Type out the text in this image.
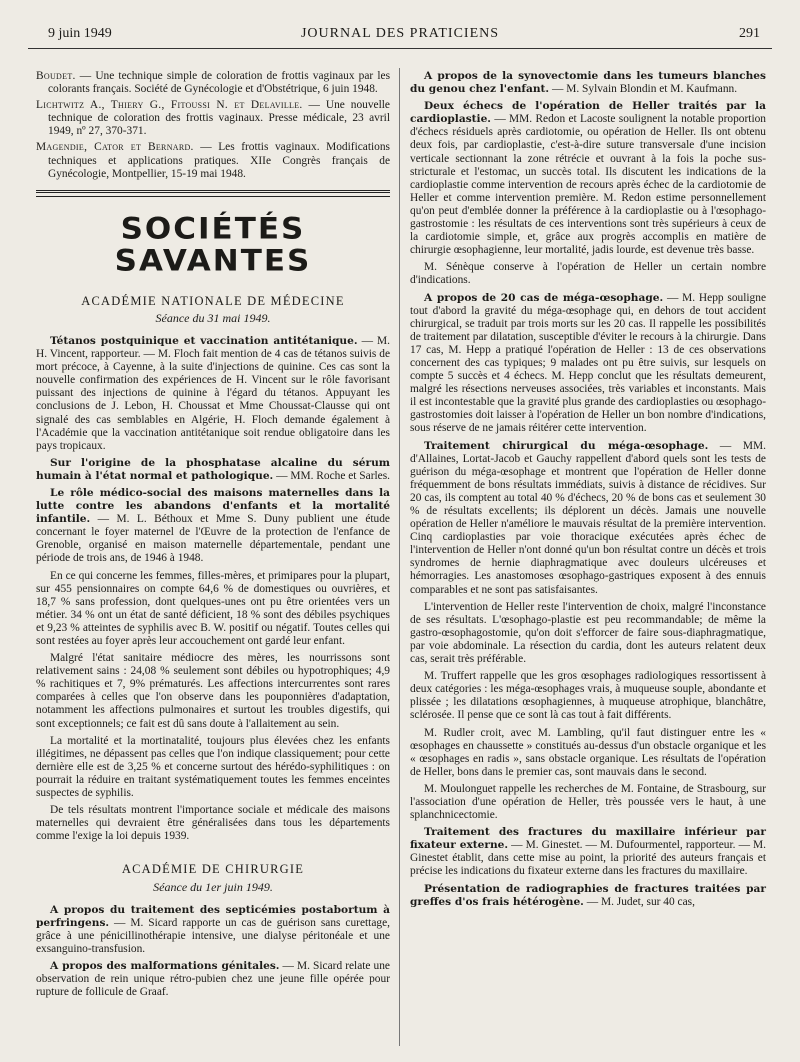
9 juin 1949	JOURNAL DES PRATICIENS	291

Boudet. — Une technique simple de coloration de frottis vaginaux par les colorants français. Société de Gynécologie et d'Obstétrique, 6 juin 1948.

Lichtwitz A., Thiery G., Fitoussi N. et Delaville. — Une nouvelle technique de coloration des frottis vaginaux. Presse médicale, 23 avril 1949, nº 27, 370-371.

Magendie, Cator et Bernard. — Les frottis vaginaux. Modifications techniques et applications pratiques. XIIe Congrès français de Gynécologie, Montpellier, 15-19 mai 1948.

SOCIÉTÉS SAVANTES
ACADÉMIE NATIONALE DE MÉDECINE
Séance du 31 mai 1949.

Tétanos postquinique et vaccination antitétanique. — M. H. Vincent, rapporteur. — M. Floch fait mention de 4 cas de tétanos suivis de mort précoce, à Cayenne, à la suite d'injections de quinine. Ces cas sont la nouvelle confirmation des expériences de H. Vincent sur le rôle favorisant puissant des injections de quinine à l'égard du tétanos. Appuyant les conclusions de J. Lebon, H. Choussat et Mme Choussat-Clausse qui ont signalé des cas semblables en Algérie, H. Floch demande également à l'Académie que la vaccination antitétanique soit rendue obligatoire dans les pays tropicaux.

Sur l'origine de la phosphatase alcaline du sérum humain à l'état normal et pathologique. — MM. Roche et Sarles.

Le rôle médico-social des maisons maternelles dans la lutte contre les abandons d'enfants et la mortalité infantile. — M. L. Béthoux et Mme S. Duny publient une étude concernant le foyer maternel de l'Œuvre de la protection de l'enfance de Grenoble, organisé en maison maternelle départementale, pendant une période de trois ans, de 1946 à 1948.

En ce qui concerne les femmes, filles-mères, et primipares pour la plupart, sur 455 pensionnaires on compte 64,6 % de domestiques ou ouvrières, et 18,7 % sans profession, dont quelques-unes ont pu être orientées vers un métier. 34 % ont un état de santé déficient, 18 % sont des débiles psychiques et 9,23 % atteintes de syphilis avec B. W. positif ou négatif. Toutes celles qui sont restées au foyer après leur accouchement ont gardé leur enfant.

Malgré l'état sanitaire médiocre des mères, les nourrissons sont relativement sains : 24,08 % seulement sont débiles ou hypotrophiques; 4,9 % rachitiques et 7, 9% prématurés. Les affections intercurrentes sont rares comparées à celles que l'on observe dans les pouponnières d'adaptation, notamment les affections pulmonaires et surtout les troubles digestifs, qui sont exceptionnels; ce fait est dû sans doute à l'allaitement au sein.

La mortalité et la mortinatalité, toujours plus élevées chez les enfants illégitimes, ne dépassent pas celles que l'on indique classiquement; pour cette dernière elle est de 3,25 % et concerne surtout des hérédo-syphilitiques : on pourrait la réduire en traitant systématiquement toutes les femmes enceintes suspectes de syphilis.

De tels résultats montrent l'importance sociale et médicale des maisons maternelles qui devraient être généralisées dans tous les départements comme l'exige la loi depuis 1939.

ACADÉMIE DE CHIRURGIE
Séance du 1er juin 1949.

A propos du traitement des septicémies postabortum à perfringens. — M. Sicard rapporte un cas de guérison sans curettage, grâce à une pénicillinothérapie intensive, une dialyse péritonéale et une exsanguino-transfusion.

A propos des malformations génitales. — M. Sicard relate une observation de rein unique rétro-pubien chez une jeune fille opérée pour rupture de follicule de Graaf.

A propos de la synovectomie dans les tumeurs blanches du genou chez l'enfant. — M. Sylvain Blondin et M. Kaufmann.

Deux échecs de l'opération de Heller traités par la cardioplastie. — MM. Redon et Lacoste soulignent la notable proportion d'échecs résiduels après cardiotomie, ou opération de Heller. Ils ont obtenu deux fois, par cardioplastie, c'est-à-dire suture transversale d'une incision verticale sectionnant la zone rétrécie et ouvrant à la fois la poche sus-stricturale et l'estomac, un succès total. Ils discutent les indications de la cardioplastie comme intervention de recours après échec de la cardiotomie de Heller et comme intervention première. M. Redon estime personnellement qu'on peut d'emblée donner la préférence à la cardioplastie ou à l'œsophago-gastrostomie : les résultats de ces interventions sont très supérieurs à ceux de la cardiotomie simple, et, grâce aux progrès accomplis en matière de chirurgie œsophagienne, leur mortalité, jadis lourde, est devenue très basse.

M. Sénèque conserve à l'opération de Heller un certain nombre d'indications.

A propos de 20 cas de méga-œsophage. — M. Hepp souligne tout d'abord la gravité du méga-œsophage qui, en dehors de tout accident chirurgical, se traduit par trois morts sur les 20 cas. Il rappelle les possibilités de traitement par dilatation, susceptible d'éviter le recours à la chirurgie. Dans 17 cas, M. Hepp a pratiqué l'opération de Heller : 13 de ces observations concernent des cas typiques; 9 malades ont pu être suivis, sur lesquels on compte 5 succès et 4 échecs. M. Hepp conclut que les résultats demeurent, malgré les résections nerveuses associées, très variables et inconstants. Mais il est incontestable que la gravité plus grande des cardioplasties ou œsophago-gastrostomies doit laisser à l'opération de Heller un bon nombre d'indications, sous réserve de ne jamais réitérer cette intervention.

Traitement chirurgical du méga-œsophage. — MM. d'Allaines, Lortat-Jacob et Gauchy rappellent d'abord quels sont les tests de guérison du méga-œsophage et montrent que l'opération de Heller donne fréquemment de bons résultats immédiats, suivis à distance de récidives. Sur 20 cas, ils comptent au total 40 % d'échecs, 20 % de bons cas et seulement 30 % de résultats excellents; ils déplorent un décès. Jamais une nouvelle opération de Heller n'améliore le mauvais résultat de la première intervention. Cinq cardioplasties par voie thoracique exécutées après échec de l'intervention de Heller n'ont donné qu'un bon résultat contre un décès et trois syndromes de hernie diaphragmatique avec douleurs ulcéreuses et hémorragies. Les anastomoses œsophago-gastriques exposent à des ennuis comparables et ne sont pas satisfaisantes.

L'intervention de Heller reste l'intervention de choix, malgré l'inconstance de ses résultats. L'œsophago-plastie est peu recommandable; de même la gastro-œsophagostomie, qu'on doit s'efforcer de faire sous-diaphragmatique, par voie abdominale. La résection du cardia, dont les auteurs relatent deux cas, serait très préférable.

M. Truffert rappelle que les gros œsophages radiologiques ressortissent à deux catégories : les méga-œsophages vrais, à muqueuse souple, abondante et plissée ; les dilatations œsophagiennes, à muqueuse atrophique, blanchâtre, sclérosée. Il pense que ce sont là cas tout à fait différents.

M. Rudler croit, avec M. Lambling, qu'il faut distinguer entre les « œsophages en chaussette » constitués au-dessus d'un obstacle organique et les « œsophages en radis », sans obstacle organique. Les résultats de l'opération de Heller, bons dans le premier cas, sont mauvais dans le second.

M. Moulonguet rappelle les recherches de M. Fontaine, de Strasbourg, sur l'association d'une opération de Heller, très poussée vers le haut, à une splanchnicectomie.

Traitement des fractures du maxillaire inférieur par fixateur externe. — M. Ginestet. — M. Dufourmentel, rapporteur. — M. Ginestet établit, dans cette mise au point, la priorité des auteurs français et précise les indications du fixateur externe dans les fractures du maxillaire.

Présentation de radiographies de fractures traitées par greffes d'os frais hétérogène. — M. Judet, sur 40 cas,
